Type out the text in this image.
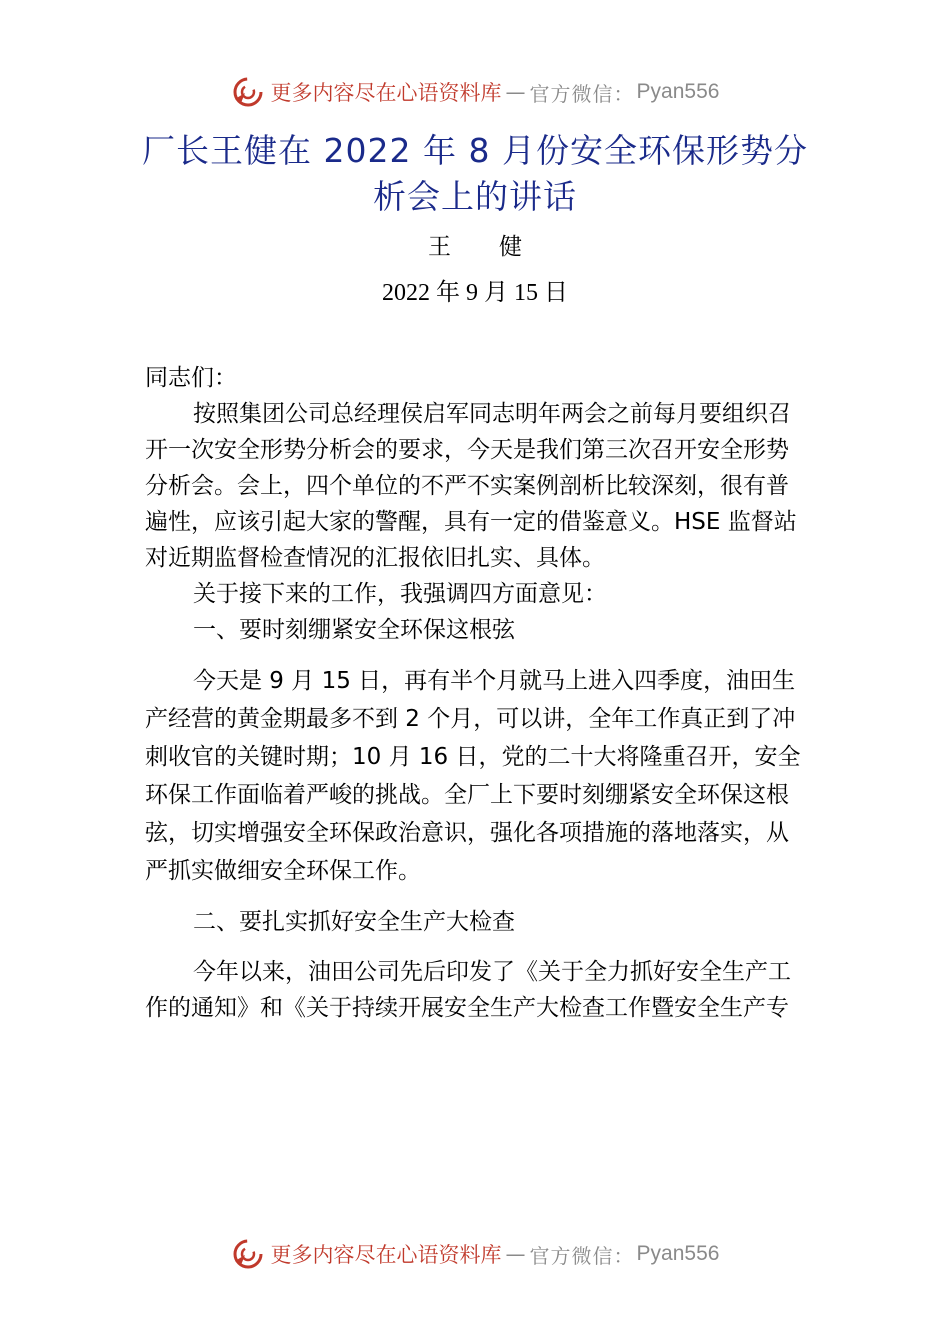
更多内容尽在心语资料库 — 官方微信： Pyan556
厂长王健在 2022 年 8 月份安全环保形势分析会上的讲话
王健
2022 年 9 月 15 日

同志们：

按照集团公司总经理侯启军同志明年两会之前每月要组织召开一次安全形势分析会的要求，今天是我们第三次召开安全形势分析会。会上，四个单位的不严不实案例剖析比较深刻，很有普遍性，应该引起大家的警醒，具有一定的借鉴意义。HSE 监督站对近期监督检查情况的汇报依旧扎实、具体。

关于接下来的工作，我强调四方面意见：

一、要时刻绷紧安全环保这根弦

今天是 9 月 15 日，再有半个月就马上进入四季度，油田生产经营的黄金期最多不到 2 个月，可以讲，全年工作真正到了冲刺收官的关键时期；10 月 16 日，党的二十大将隆重召开，安全环保工作面临着严峻的挑战。全厂上下要时刻绷紧安全环保这根弦，切实增强安全环保政治意识，强化各项措施的落地落实，从严抓实做细安全环保工作。

二、要扎实抓好安全生产大检查

今年以来，油田公司先后印发了《关于全力抓好安全生产工作的通知》和《关于持续开展安全生产大检查工作暨安全生产专

更多内容尽在心语资料库 — 官方微信： Pyan556
